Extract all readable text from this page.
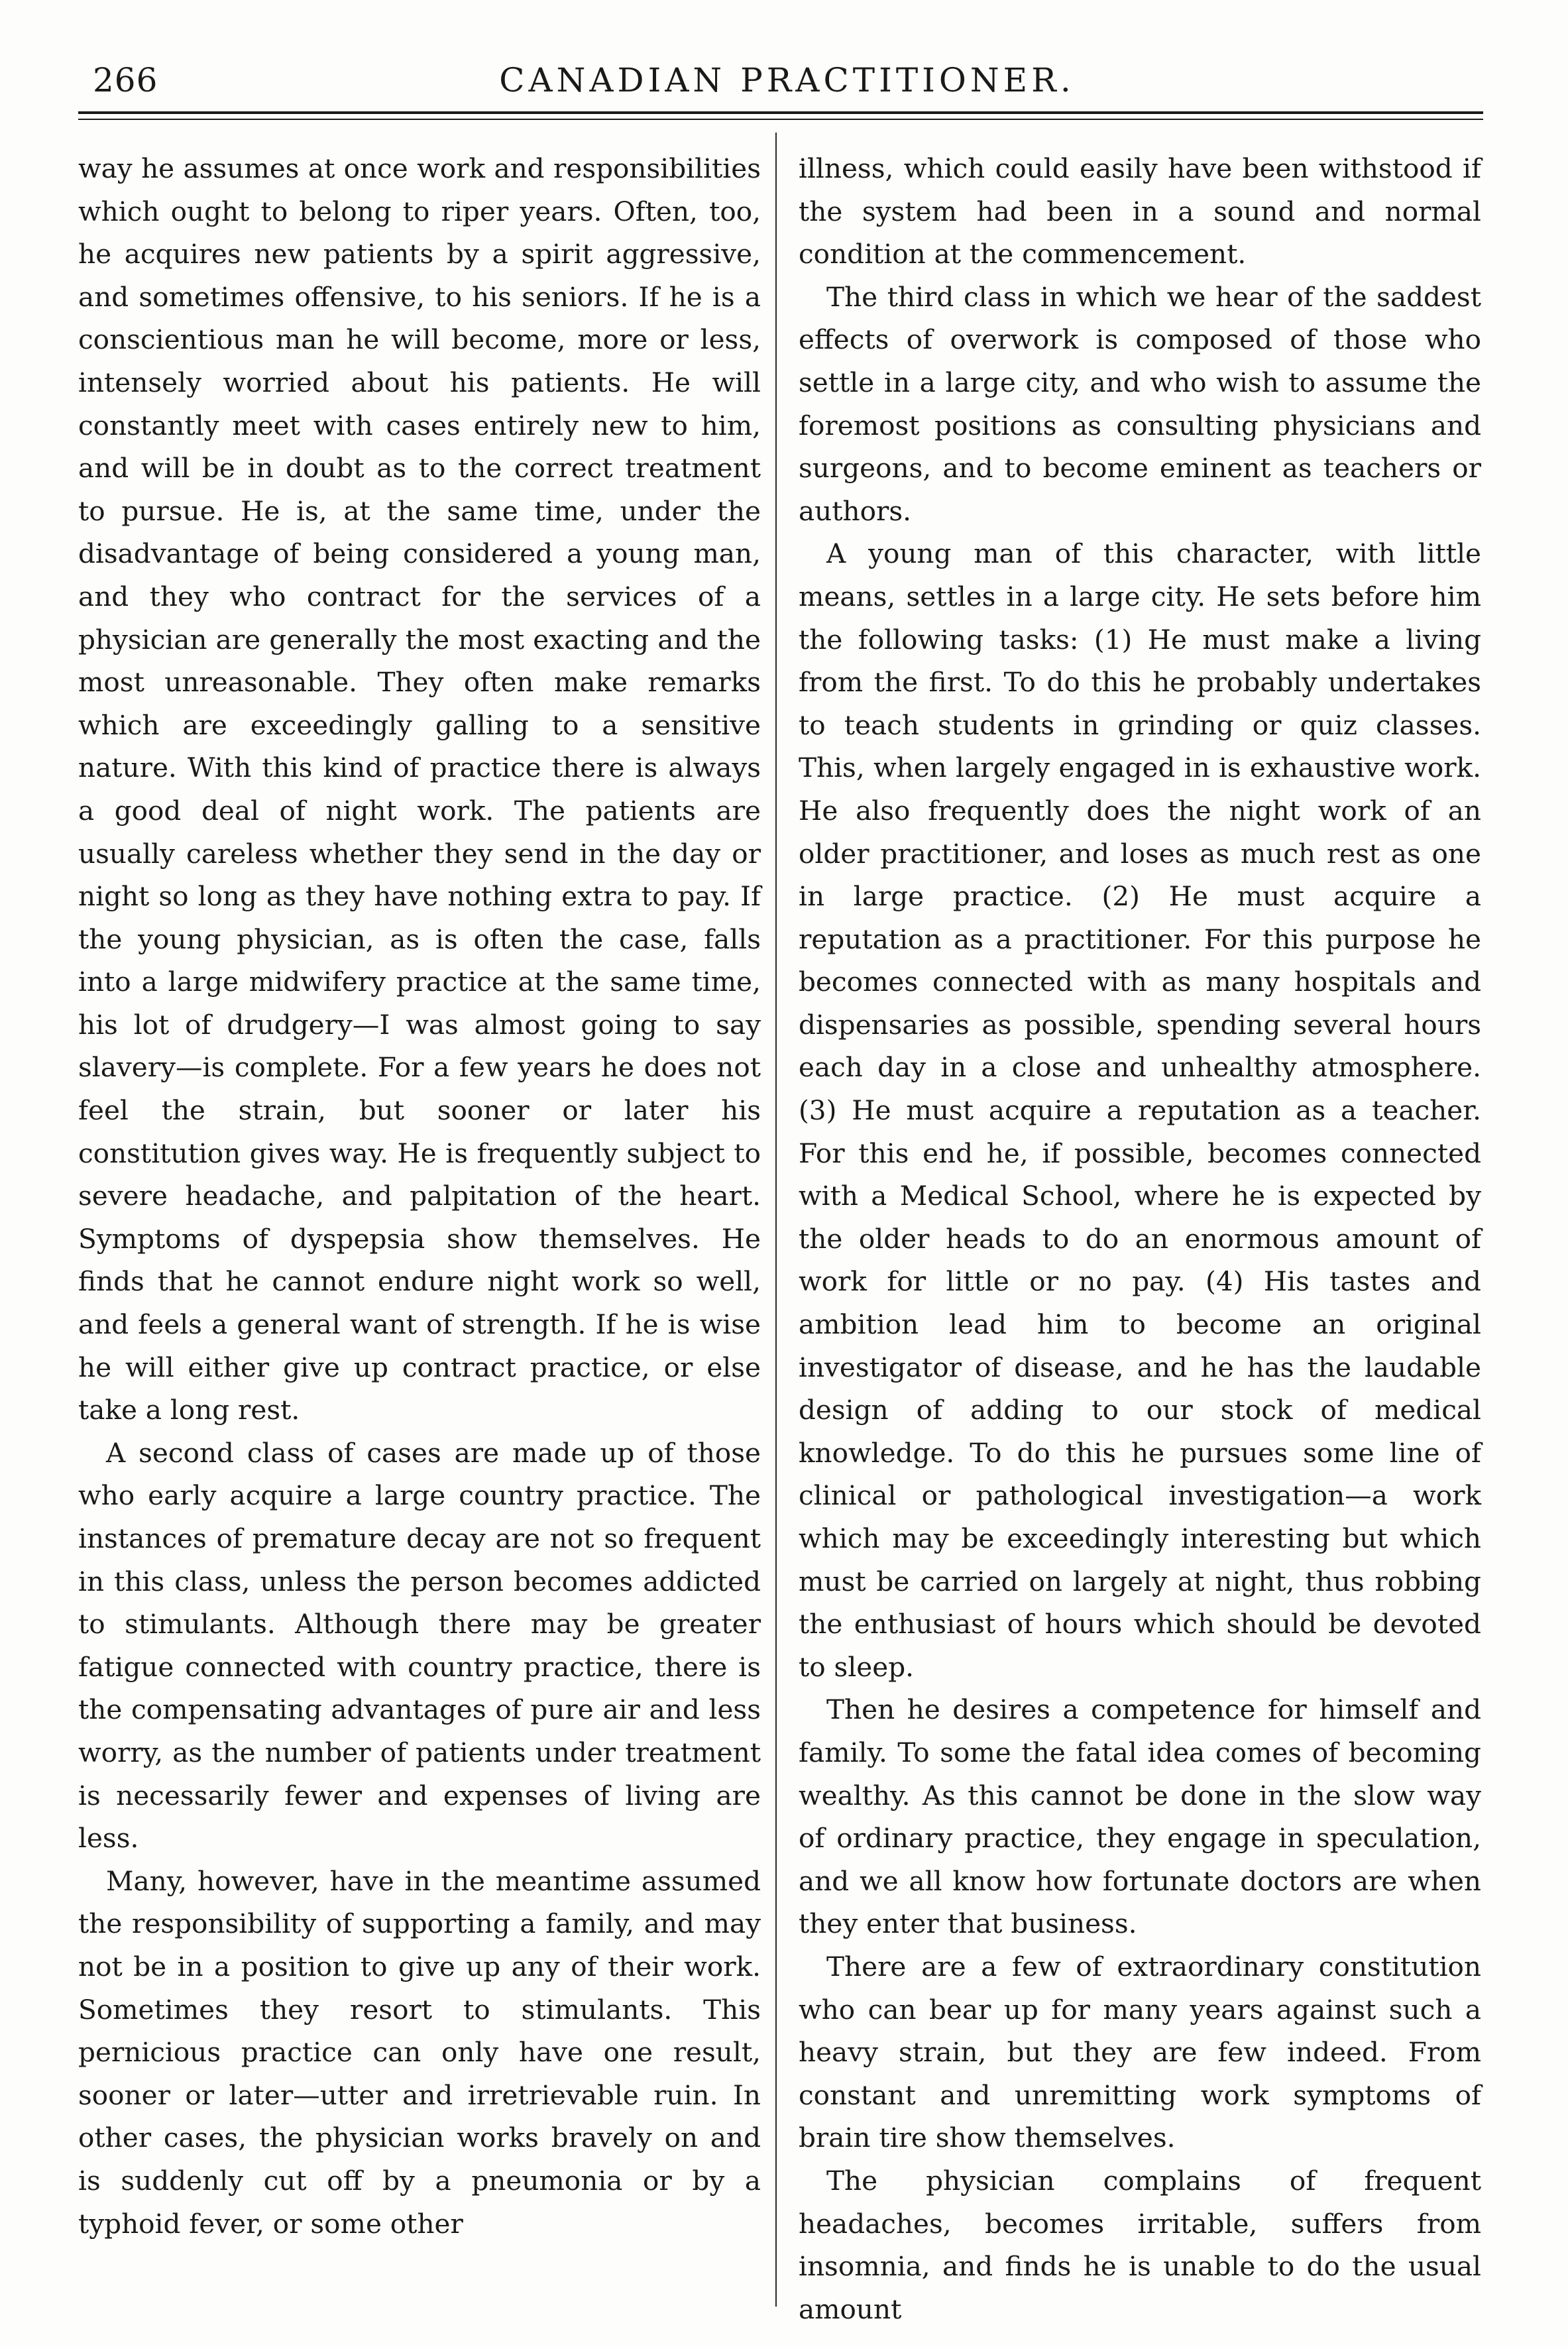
266	CANADIAN PRACTITIONER.

way he assumes at once work and responsibilities which ought to belong to riper years. Often, too, he acquires new patients by a spirit aggressive, and sometimes offensive, to his seniors. If he is a conscientious man he will become, more or less, intensely worried about his patients. He will constantly meet with cases entirely new to him, and will be in doubt as to the correct treatment to pursue. He is, at the same time, under the disadvantage of being considered a young man, and they who contract for the services of a physician are generally the most exacting and the most unreasonable. They often make remarks which are exceedingly galling to a sensitive nature. With this kind of practice there is always a good deal of night work. The patients are usually careless whether they send in the day or night so long as they have nothing extra to pay. If the young physician, as is often the case, falls into a large midwifery practice at the same time, his lot of drudgery—I was almost going to say slavery—is complete. For a few years he does not feel the strain, but sooner or later his constitution gives way. He is frequently subject to severe headache, and palpitation of the heart. Symptoms of dyspepsia show themselves. He finds that he cannot endure night work so well, and feels a general want of strength. If he is wise he will either give up contract practice, or else take a long rest.

A second class of cases are made up of those who early acquire a large country practice. The instances of premature decay are not so frequent in this class, unless the person becomes addicted to stimulants. Although there may be greater fatigue connected with country practice, there is the compensating advantages of pure air and less worry, as the number of patients under treatment is necessarily fewer and expenses of living are less.

Many, however, have in the meantime assumed the responsibility of supporting a family, and may not be in a position to give up any of their work. Sometimes they resort to stimulants. This pernicious practice can only have one result, sooner or later—utter and irretrievable ruin. In other cases, the physician works bravely on and is suddenly cut off by a pneumonia or by a typhoid fever, or some other

illness, which could easily have been withstood if the system had been in a sound and normal condition at the commencement.

The third class in which we hear of the saddest effects of overwork is composed of those who settle in a large city, and who wish to assume the foremost positions as consulting physicians and surgeons, and to become eminent as teachers or authors.

A young man of this character, with little means, settles in a large city. He sets before him the following tasks: (1) He must make a living from the first. To do this he probably undertakes to teach students in grinding or quiz classes. This, when largely engaged in is exhaustive work. He also frequently does the night work of an older practitioner, and loses as much rest as one in large practice. (2) He must acquire a reputation as a practitioner. For this purpose he becomes connected with as many hospitals and dispensaries as possible, spending several hours each day in a close and unhealthy atmosphere. (3) He must acquire a reputation as a teacher. For this end he, if possible, becomes connected with a Medical School, where he is expected by the older heads to do an enormous amount of work for little or no pay. (4) His tastes and ambition lead him to become an original investigator of disease, and he has the laudable design of adding to our stock of medical knowledge. To do this he pursues some line of clinical or pathological investigation—a work which may be exceedingly interesting but which must be carried on largely at night, thus robbing the enthusiast of hours which should be devoted to sleep.

Then he desires a competence for himself and family. To some the fatal idea comes of becoming wealthy. As this cannot be done in the slow way of ordinary practice, they engage in speculation, and we all know how fortunate doctors are when they enter that business.

There are a few of extraordinary constitution who can bear up for many years against such a heavy strain, but they are few indeed. From constant and unremitting work symptoms of brain tire show themselves.

The physician complains of frequent headaches, becomes irritable, suffers from insomnia, and finds he is unable to do the usual amount
